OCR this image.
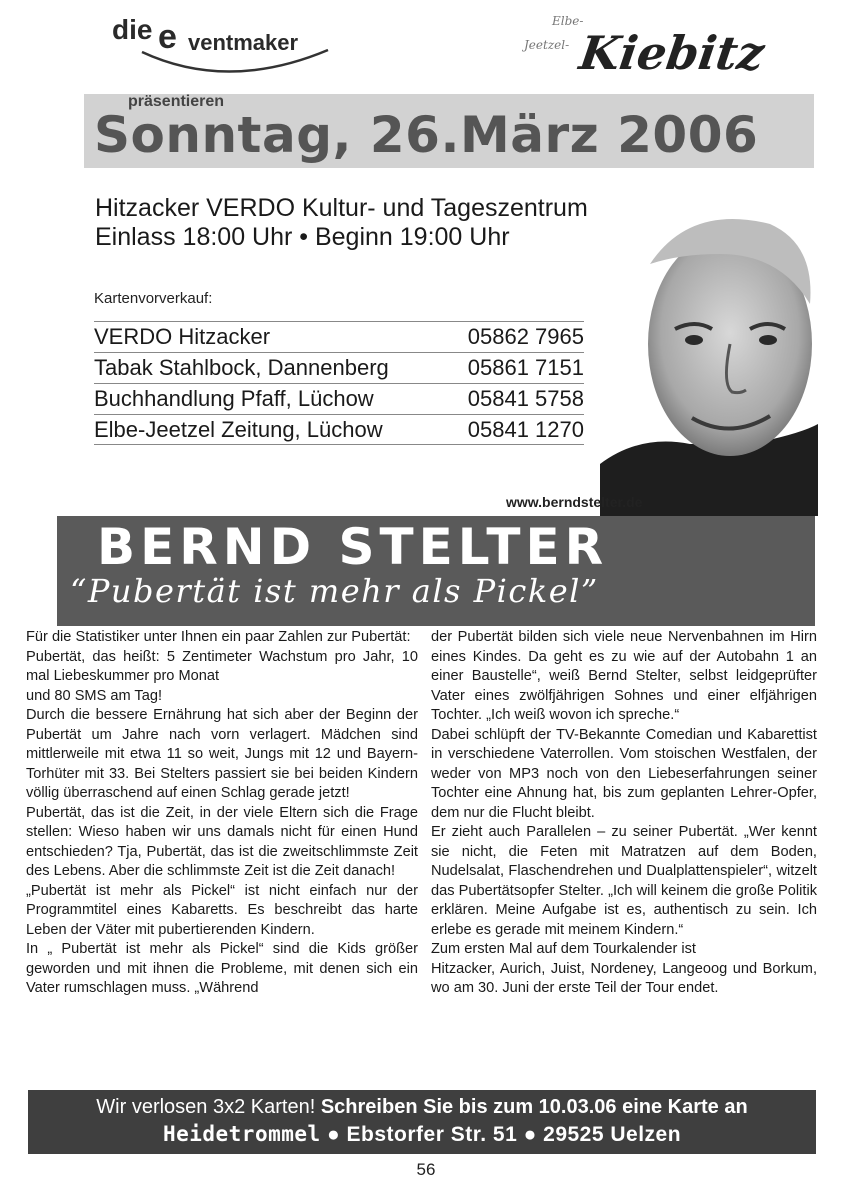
die e ventmaker
Elbe-
Jeetzel- Kiebitz
präsentieren
Sonntag, 26.März 2006
Hitzacker VERDO Kultur- und Tageszentrum
Einlass 18:00 Uhr • Beginn 19:00 Uhr
Kartenvorverkauf:
VERDO Hitzacker	05862 7965
Tabak Stahlbock, Dannenberg	05861 7151
Buchhandlung Pfaff, Lüchow	05841 5758
Elbe-Jeetzel Zeitung, Lüchow	05841 1270
www.berndstelter.de
BERND STELTER
“Pubertät ist mehr als Pickel”

Für die Statistiker unter Ihnen ein paar Zahlen zur Pubertät:

Pubertät, das heißt: 5 Zentimeter Wachstum pro Jahr, 10 mal Liebeskummer pro Monat

und 80 SMS am Tag!

Durch die bessere Ernährung hat sich aber der Beginn der Pubertät um Jahre nach vorn verlagert. Mädchen sind mittlerweile mit etwa 11 so weit, Jungs mit 12 und Bayern-Torhüter mit 33. Bei Stelters passiert sie bei beiden Kindern völlig überraschend auf einen Schlag gerade jetzt!

Pubertät, das ist die Zeit, in der viele Eltern sich die Frage stellen: Wieso haben wir uns damals nicht für einen Hund entschieden? Tja, Pubertät, das ist die zweitschlimmste Zeit des Lebens. Aber die schlimmste Zeit ist die Zeit danach!

„Pubertät ist mehr als Pickel“ ist nicht einfach nur der Programmtitel eines Kabaretts. Es beschreibt das harte Leben der Väter mit pubertierenden Kindern.

In „ Pubertät ist mehr als Pickel“ sind die Kids größer geworden und mit ihnen die Probleme, mit denen sich ein Vater rumschlagen muss. „Während

der Pubertät bilden sich viele neue Nervenbahnen im Hirn eines Kindes. Da geht es zu wie auf der Autobahn 1 an einer Baustelle“, weiß Bernd Stelter, selbst leidgeprüfter Vater eines zwölfjährigen Sohnes und einer elfjährigen Tochter. „Ich weiß wovon ich spreche.“

Dabei schlüpft der TV-Bekannte Comedian und Kabarettist in verschiedene Vaterrollen. Vom stoischen Westfalen, der weder von MP3 noch von den Liebeserfahrungen seiner Tochter eine Ahnung hat, bis zum geplanten Lehrer-Opfer, dem nur die Flucht bleibt.

Er zieht auch Parallelen – zu seiner Pubertät. „Wer kennt sie nicht, die Feten mit Matratzen auf dem Boden, Nudelsalat, Flaschendrehen und Dualplattenspieler“, witzelt das Pubertätsopfer Stelter. „Ich will keinem die große Politik erklären. Meine Aufgabe ist es, authentisch zu sein. Ich erlebe es gerade mit meinem Kindern.“

Zum ersten Mal auf dem Tourkalender ist

Hitzacker, Aurich, Juist, Nordeney, Langeoog und Borkum, wo am 30. Juni der erste Teil der Tour endet.

Wir verlosen 3x2 Karten! Schreiben Sie bis zum 10.03.06 eine Karte an
Heidetrommel ● Ebstorfer Str. 51 ● 29525 Uelzen
56
